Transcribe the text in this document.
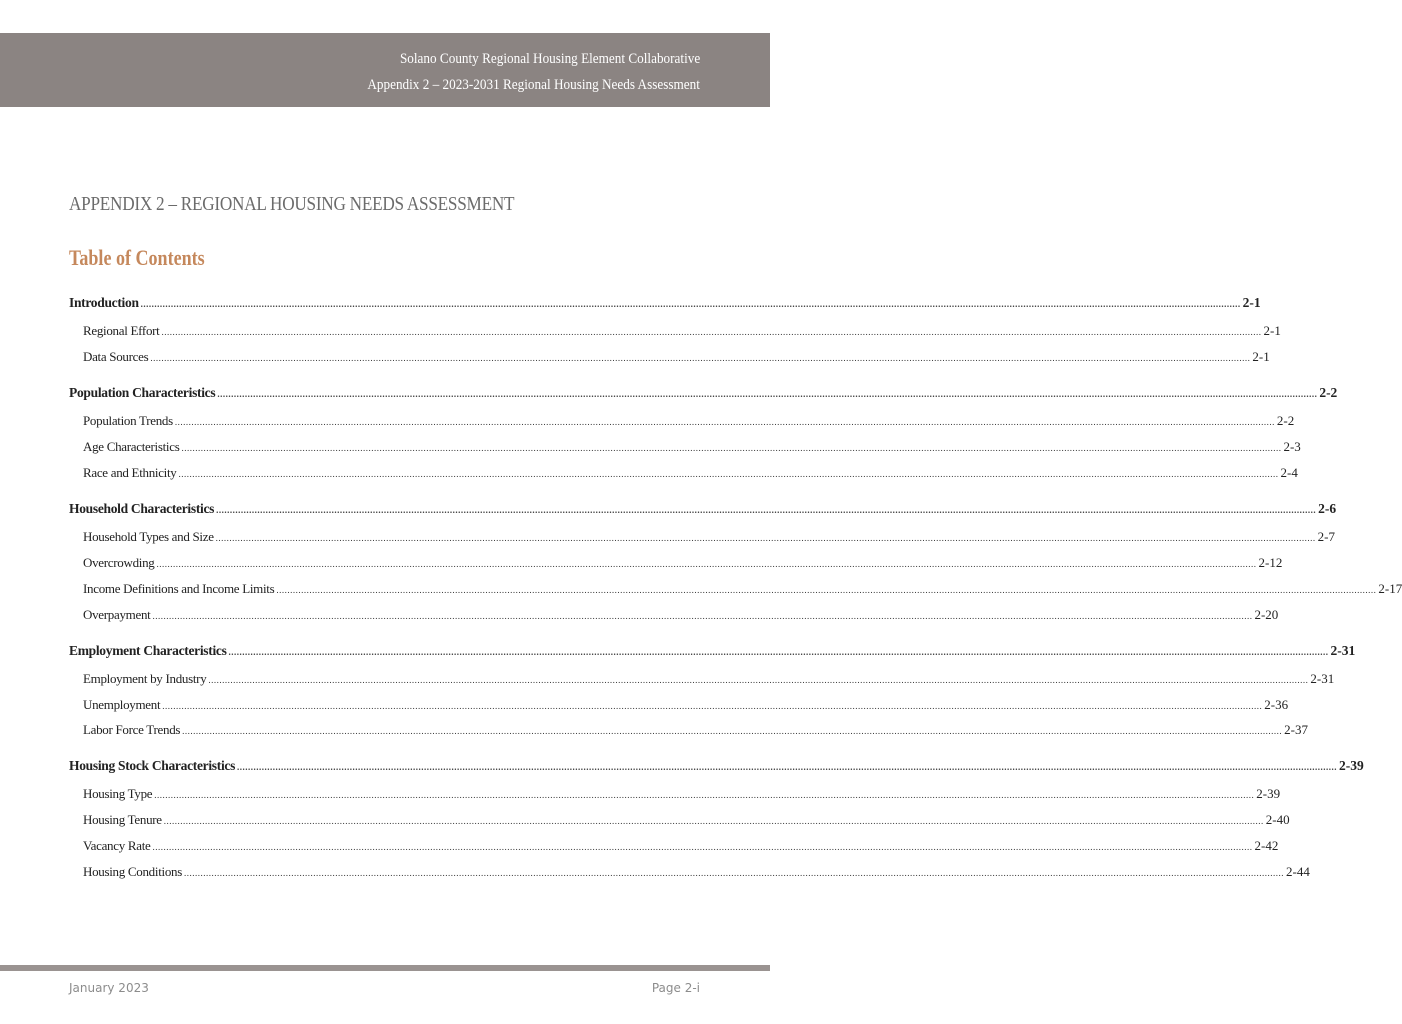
Solano County Regional Housing Element Collaborative
Appendix 2 – 2023-2031 Regional Housing Needs Assessment
APPENDIX 2 – REGIONAL HOUSING NEEDS ASSESSMENT
Table of Contents
Introduction ................................................................................................................................................................................................................................................................................................................................................................................................................ 2-1
Regional Effort ................................................................................................................................................................................................................................................................................................................................................................................................................ 2-1
Data Sources ................................................................................................................................................................................................................................................................................................................................................................................................................ 2-1
Population Characteristics ................................................................................................................................................................................................................................................................................................................................................................................................................ 2-2
Population Trends ................................................................................................................................................................................................................................................................................................................................................................................................................ 2-2
Age Characteristics ................................................................................................................................................................................................................................................................................................................................................................................................................ 2-3
Race and Ethnicity ................................................................................................................................................................................................................................................................................................................................................................................................................ 2-4
Household Characteristics ................................................................................................................................................................................................................................................................................................................................................................................................................ 2-6
Household Types and Size ................................................................................................................................................................................................................................................................................................................................................................................................................ 2-7
Overcrowding ................................................................................................................................................................................................................................................................................................................................................................................................................ 2-12
Income Definitions and Income Limits ................................................................................................................................................................................................................................................................................................................................................................................................................ 2-17
Overpayment ................................................................................................................................................................................................................................................................................................................................................................................................................ 2-20
Employment Characteristics ................................................................................................................................................................................................................................................................................................................................................................................................................ 2-31
Employment by Industry ................................................................................................................................................................................................................................................................................................................................................................................................................ 2-31
Unemployment ................................................................................................................................................................................................................................................................................................................................................................................................................ 2-36
Labor Force Trends ................................................................................................................................................................................................................................................................................................................................................................................................................ 2-37
Housing Stock Characteristics ................................................................................................................................................................................................................................................................................................................................................................................................................ 2-39
Housing Type ................................................................................................................................................................................................................................................................................................................................................................................................................ 2-39
Housing Tenure ................................................................................................................................................................................................................................................................................................................................................................................................................ 2-40
Vacancy Rate ................................................................................................................................................................................................................................................................................................................................................................................................................ 2-42
Housing Conditions ................................................................................................................................................................................................................................................................................................................................................................................................................ 2-44
January 2023	Page 2-i
